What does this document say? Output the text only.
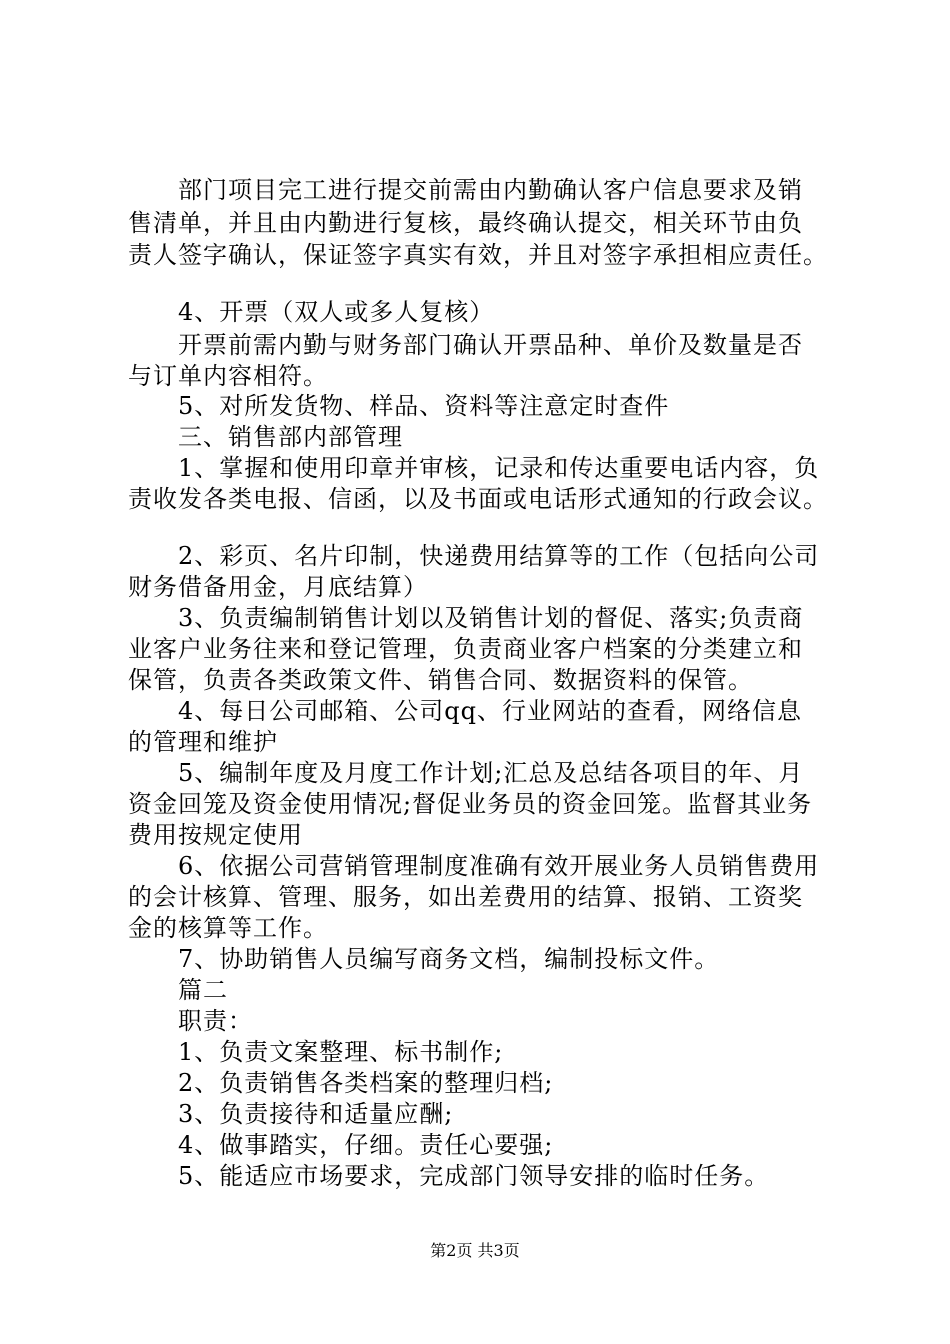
　　部门项目完工进行提交前需由内勤确认客户信息要求及销
售清单，并且由内勤进行复核，最终确认提交，相关环节由负
责人签字确认，保证签字真实有效，并且对签字承担相应责任。
　　4、开票（双人或多人复核）
　　开票前需内勤与财务部门确认开票品种、单价及数量是否
与订单内容相符。
　　5、对所发货物、样品、资料等注意定时查件
　　三、销售部内部管理
　　1、掌握和使用印章并审核，记录和传达重要电话内容，负
责收发各类电报、信函，以及书面或电话形式通知的行政会议。
　　2、彩页、名片印制，快递费用结算等的工作（包括向公司
财务借备用金，月底结算）
　　3、负责编制销售计划以及销售计划的督促、落实;负责商
业客户业务往来和登记管理，负责商业客户档案的分类建立和
保管，负责各类政策文件、销售合同、数据资料的保管。
　　4、每日公司邮箱、公司qq、行业网站的查看，网络信息
的管理和维护
　　5、编制年度及月度工作计划;汇总及总结各项目的年、月
资金回笼及资金使用情况;督促业务员的资金回笼。监督其业务
费用按规定使用
　　6、依据公司营销管理制度准确有效开展业务人员销售费用
的会计核算、管理、服务，如出差费用的结算、报销、工资奖
金的核算等工作。
　　7、协助销售人员编写商务文档，编制投标文件。
　　篇二
　　职责：
　　1、负责文案整理、标书制作;
　　2、负责销售各类档案的整理归档;
　　3、负责接待和适量应酬;
　　4、做事踏实，仔细。责任心要强;
　　5、能适应市场要求，完成部门领导安排的临时任务。
第2页 共3页
